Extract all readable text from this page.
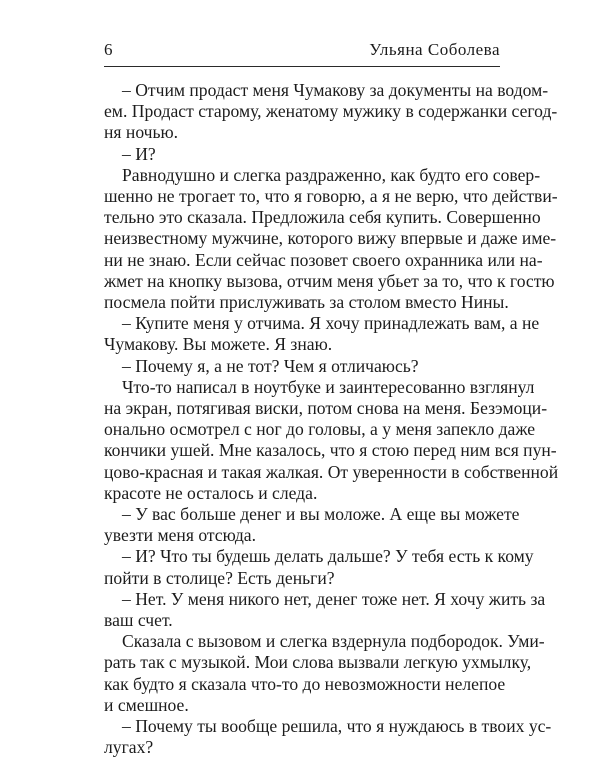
6	Ульяна Соболева
– Отчим продаст меня Чумакову за документы на водом-
ем. Продаст старому, женатому мужику в содержанки сегод-
ня ночью.
– И?
Равнодушно и слегка раздраженно, как будто его совер-
шенно не трогает то, что я говорю, а я не верю, что действи-
тельно это сказала. Предложила себя купить. Совершенно
неизвестному мужчине, которого вижу впервые и даже име-
ни не знаю. Если сейчас позовет своего охранника или на-
жмет на кнопку вызова, отчим меня убьет за то, что к гостю
посмела пойти прислуживать за столом вместо Нины.
– Купите меня у отчима. Я хочу принадлежать вам, а не
Чумакову. Вы можете. Я знаю.
– Почему я, а не тот? Чем я отличаюсь?
Что-то написал в ноутбуке и заинтересованно взглянул
на экран, потягивая виски, потом снова на меня. Безэмоци-
онально осмотрел с ног до головы, а у меня запекло даже
кончики ушей. Мне казалось, что я стою перед ним вся пун-
цово-красная и такая жалкая. От уверенности в собственной
красоте не осталось и следа.
– У вас больше денег и вы моложе. А еще вы можете
увезти меня отсюда.
– И? Что ты будешь делать дальше? У тебя есть к кому
пойти в столице? Есть деньги?
– Нет. У меня никого нет, денег тоже нет. Я хочу жить за
ваш счет.
Сказала с вызовом и слегка вздернула подбородок. Уми-
рать так с музыкой. Мои слова вызвали легкую ухмылку,
как будто я сказала что-то до невозможности нелепое
и смешное.
– Почему ты вообще решила, что я нуждаюсь в твоих ус-
лугах?
